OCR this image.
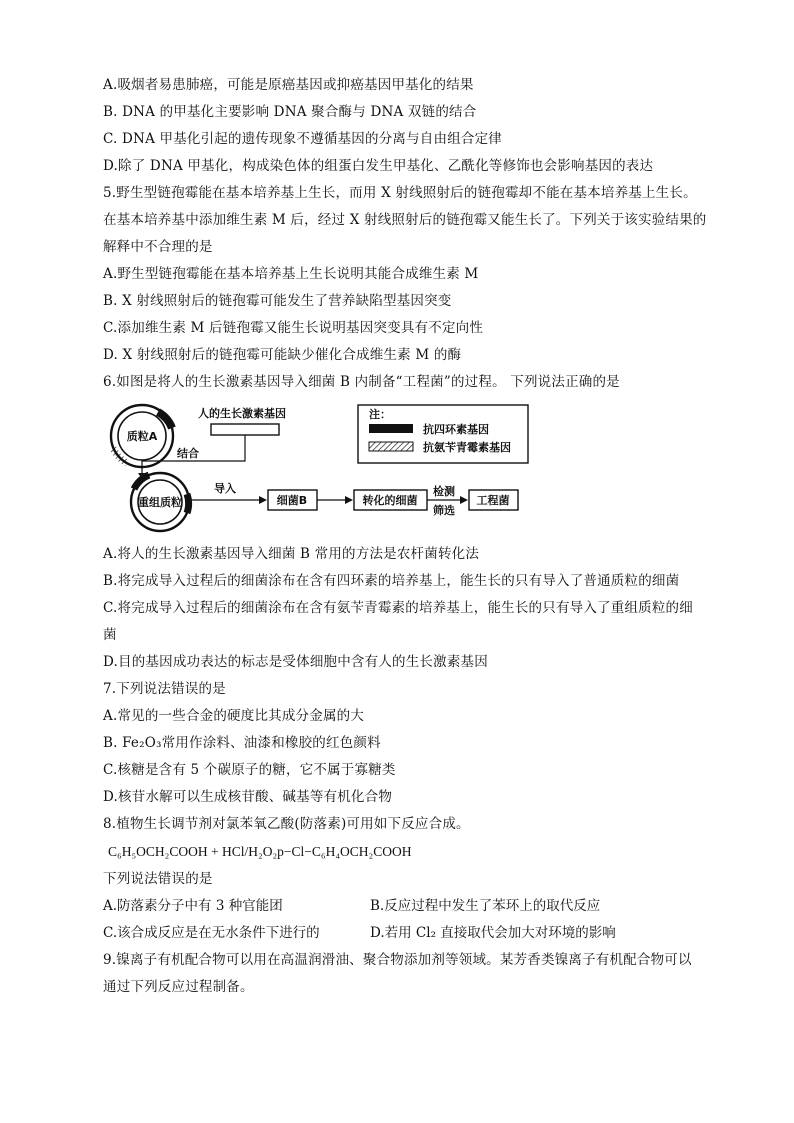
A.吸烟者易患肺癌，可能是原癌基因或抑癌基因甲基化的结果
B. DNA 的甲基化主要影响 DNA 聚合酶与 DNA 双链的结合
C. DNA 甲基化引起的遗传现象不遵循基因的分离与自由组合定律
D.除了 DNA 甲基化，构成染色体的组蛋白发生甲基化、乙酰化等修饰也会影响基因的表达
5.野生型链孢霉能在基本培养基上生长，而用 X 射线照射后的链孢霉却不能在基本培养基上生长。
在基本培养基中添加维生素 M 后，经过 X 射线照射后的链孢霉又能生长了。下列关于该实验结果的
解释中不合理的是
A.野生型链孢霉能在基本培养基上生长说明其能合成维生素 M
B. X 射线照射后的链孢霉可能发生了营养缺陷型基因突变
C.添加维生素 M 后链孢霉又能生长说明基因突变具有不定向性
D. X 射线照射后的链孢霉可能缺少催化合成维生素 M 的酶
6.如图是将人的生长激素基因导入细菌 B 内制备“工程菌”的过程。 下列说法正确的是
质粒A
人的生长激素基因
结合
重组质粒
导入
细菌B	转化的细菌
检测
筛选
工程菌
注：
抗四环素基因
抗氨苄青霉素基因
A.将人的生长激素基因导入细菌 B 常用的方法是农杆菌转化法
B.将完成导入过程后的细菌涂布在含有四环素的培养基上，能生长的只有导入了普通质粒的细菌
C.将完成导入过程后的细菌涂布在含有氨苄青霉素的培养基上，能生长的只有导入了重组质粒的细
菌
D.目的基因成功表达的标志是受体细胞中含有人的生长激素基因
7.下列说法错误的是
A.常见的一些合金的硬度比其成分金属的大
B. Fe₂O₃常用作涂料、油漆和橡胶的红色颜料
C.核糖是含有 5 个碳原子的糖，它不属于寡糖类
D.核苷水解可以生成核苷酸、碱基等有机化合物
8.植物生长调节剂对氯苯氧乙酸(防落素)可用如下反应合成。
C₆H₅OCH₂COOH + HCl/H₂O₂p−Cl−C₆H₄OCH₂COOH
下列说法错误的是
A.防落素分子中有 3 种官能团	B.反应过程中发生了苯环上的取代反应
C.该合成反应是在无水条件下进行的	D.若用 Cl₂ 直接取代会加大对环境的影响
9.镍离子有机配合物可以用在高温润滑油、聚合物添加剂等领域。某芳香类镍离子有机配合物可以
通过下列反应过程制备。
